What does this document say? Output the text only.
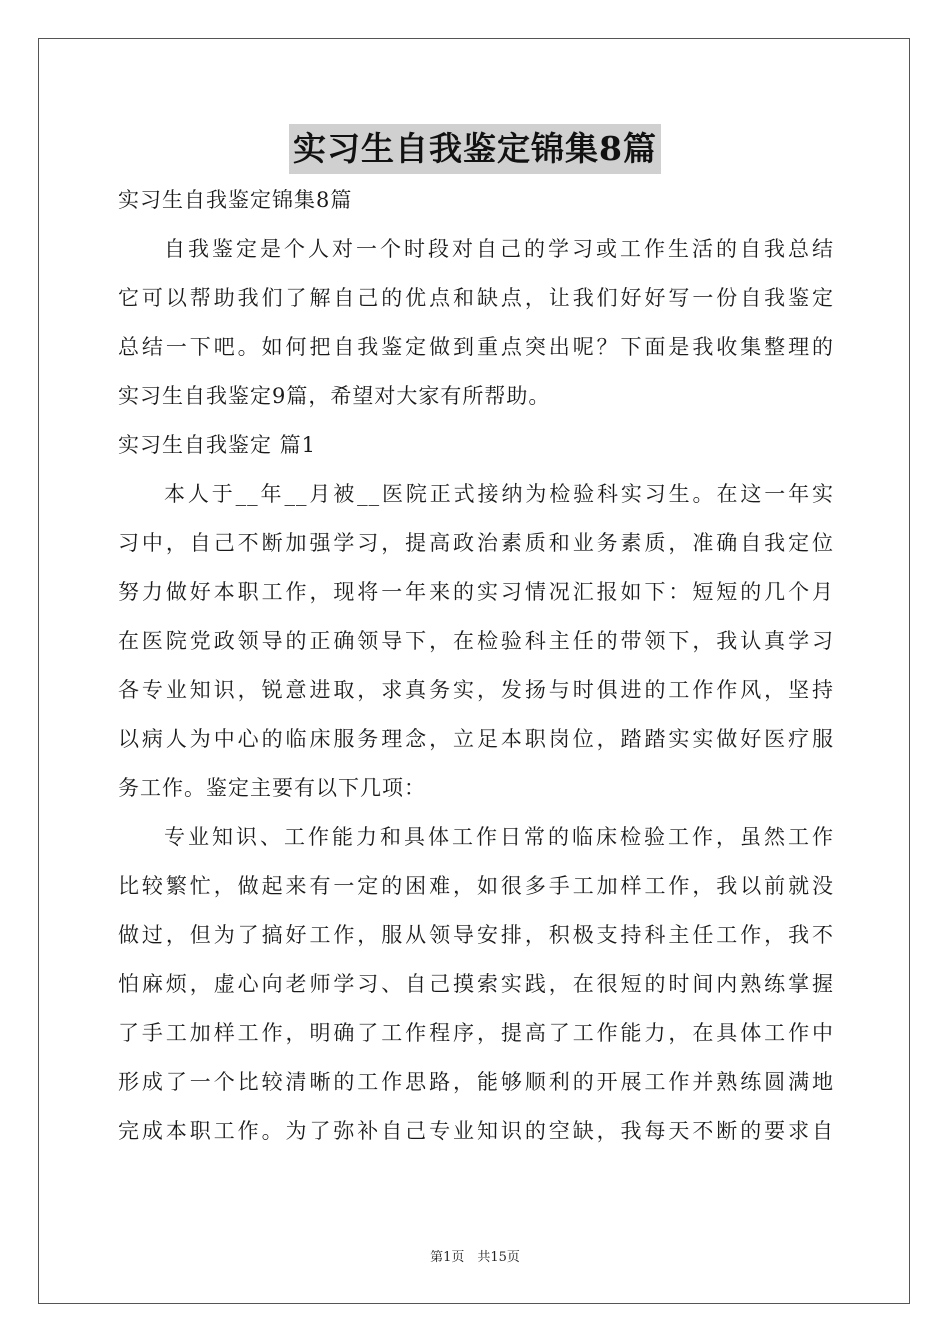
实习生自我鉴定锦集8篇
实习生自我鉴定锦集8篇
自我鉴定是个人对一个时段对自己的学习或工作生活的自我总结
它可以帮助我们了解自己的优点和缺点，让我们好好写一份自我鉴定
总结一下吧。如何把自我鉴定做到重点突出呢？下面是我收集整理的
实习生自我鉴定9篇，希望对大家有所帮助。
实习生自我鉴定 篇1
本人于__年__月被__医院正式接纳为检验科实习生。在这一年实
习中，自己不断加强学习，提高政治素质和业务素质，准确自我定位
努力做好本职工作，现将一年来的实习情况汇报如下：短短的几个月
在医院党政领导的正确领导下，在检验科主任的带领下，我认真学习
各专业知识，锐意进取，求真务实，发扬与时俱进的工作作风，坚持
以病人为中心的临床服务理念，立足本职岗位，踏踏实实做好医疗服
务工作。鉴定主要有以下几项：
专业知识、工作能力和具体工作日常的临床检验工作，虽然工作
比较繁忙，做起来有一定的困难，如很多手工加样工作，我以前就没
做过，但为了搞好工作，服从领导安排，积极支持科主任工作，我不
怕麻烦，虚心向老师学习、自己摸索实践，在很短的时间内熟练掌握
了手工加样工作，明确了工作程序，提高了工作能力，在具体工作中
形成了一个比较清晰的工作思路，能够顺利的开展工作并熟练圆满地
完成本职工作。为了弥补自己专业知识的空缺，我每天不断的要求自
第1页　共15页
